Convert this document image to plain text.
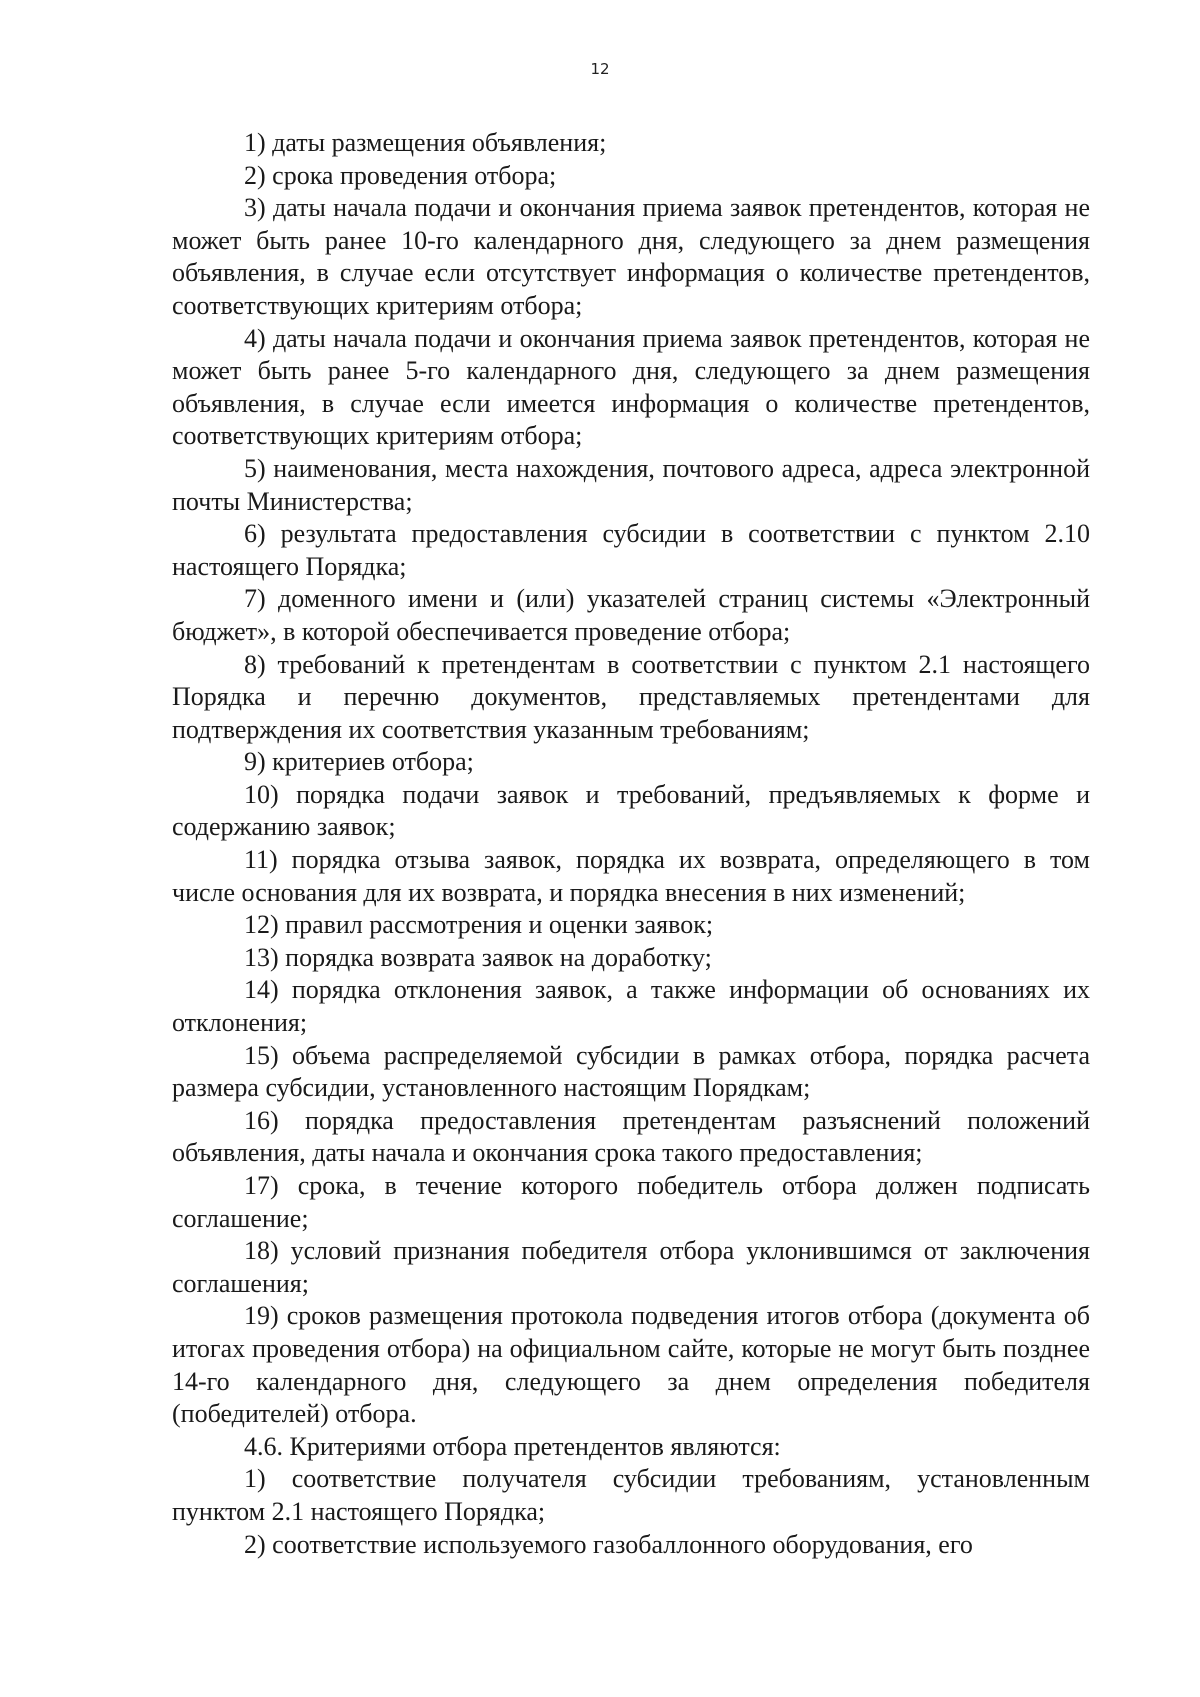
12

1) даты размещения объявления;

2) срока проведения отбора;

3) даты начала подачи и окончания приема заявок претендентов, которая не может быть ранее 10-го календарного дня, следующего за днем размещения объявления, в случае если отсутствует информация о количестве претендентов, соответствующих критериям отбора;

4) даты начала подачи и окончания приема заявок претендентов, которая не может быть ранее 5-го календарного дня, следующего за днем размещения объявления, в случае если имеется информация о количестве претендентов, соответствующих критериям отбора;

5) наименования, места нахождения, почтового адреса, адреса электронной почты Министерства;

6) результата предоставления субсидии в соответствии с пунктом 2.10 настоящего Порядка;

7) доменного имени и (или) указателей страниц системы «Электронный бюджет», в которой обеспечивается проведение отбора;

8) требований к претендентам в соответствии с пунктом 2.1 настоящего Порядка и перечню документов, представляемых претендентами для подтверждения их соответствия указанным требованиям;

9) критериев отбора;

10) порядка подачи заявок и требований, предъявляемых к форме и содержанию заявок;

11) порядка отзыва заявок, порядка их возврата, определяющего в том числе основания для их возврата, и порядка внесения в них изменений;

12) правил рассмотрения и оценки заявок;

13) порядка возврата заявок на доработку;

14) порядка отклонения заявок, а также информации об основаниях их отклонения;

15) объема распределяемой субсидии в рамках отбора, порядка расчета размера субсидии, установленного настоящим Порядкам;

16) порядка предоставления претендентам разъяснений положений объявления, даты начала и окончания срока такого предоставления;

17) срока, в течение которого победитель отбора должен подписать соглашение;

18) условий признания победителя отбора уклонившимся от заключения соглашения;

19) сроков размещения протокола подведения итогов отбора (документа об итогах проведения отбора) на официальном сайте, которые не могут быть позднее 14-го календарного дня, следующего за днем определения победителя (победителей) отбора.

4.6. Критериями отбора претендентов являются:

1) соответствие получателя субсидии требованиям, установленным пунктом 2.1 настоящего Порядка;

2) соответствие используемого газобаллонного оборудования, его
